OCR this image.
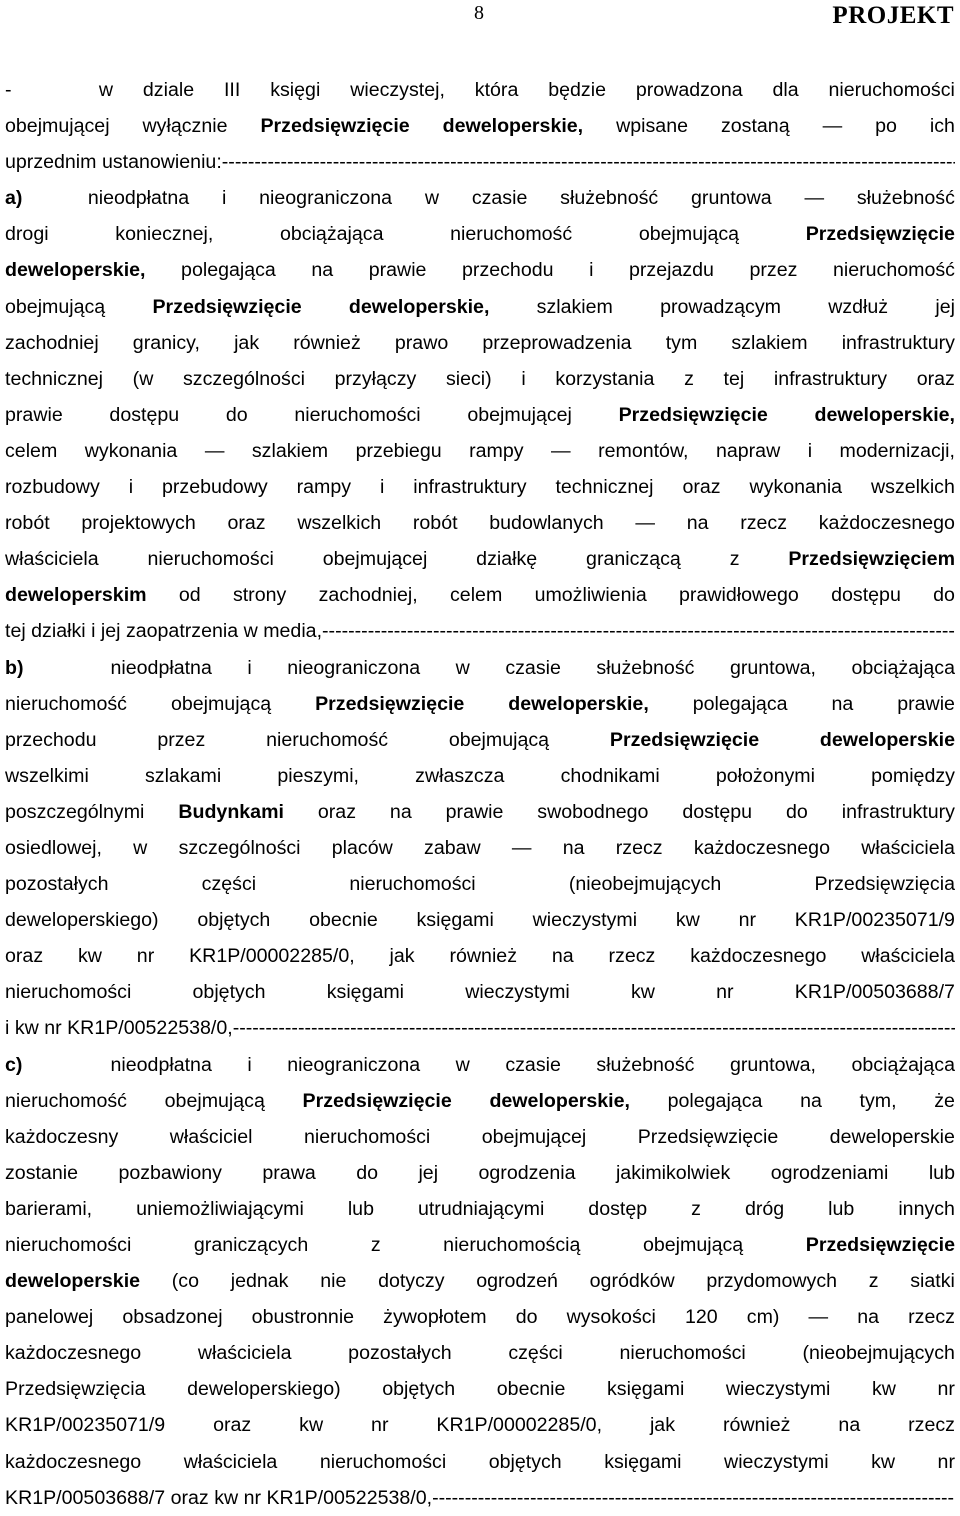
8	PROJEKT
-	w dziale III księgi wieczystej, która będzie prowadzona dla nieruchomości
obejmującej wyłącznie Przedsięwzięcie deweloperskie, wpisane zostaną — po ich
uprzednim ustanowieniu:
-----
a)	nieodpłatna i nieograniczona w czasie służebność gruntowa — służebność
drogi	koniecznej,	obciążająca	nieruchomość	obejmującą	Przedsięwzięcie
deweloperskie, polegająca na prawie przechodu i przejazdu przez nieruchomość
obejmującą Przedsięwzięcie deweloperskie, szlakiem prowadzącym wzdłuż jej
zachodniej granicy, jak również prawo przeprowadzenia tym szlakiem infrastruktury
technicznej (w szczególności przyłączy sieci) i korzystania z tej infrastruktury oraz
prawie dostępu do nieruchomości obejmującej Przedsięwzięcie deweloperskie,
celem wykonania — szlakiem przebiegu rampy — remontów, napraw i modernizacji,
rozbudowy i przebudowy rampy i infrastruktury technicznej oraz wykonania wszelkich
robót projektowych oraz wszelkich robót budowlanych — na rzecz każdoczesnego
właściciela nieruchomości obejmującej działkę graniczącą z Przedsięwzięciem
deweloperskim od strony zachodniej, celem umożliwienia prawidłowego dostępu do
tej działki i jej zaopatrzenia w media,
-----
b)	nieodpłatna i nieograniczona w czasie służebność gruntowa, obciążająca
nieruchomość obejmującą Przedsięwzięcie deweloperskie, polegająca na prawie
przechodu	przez	nieruchomość	obejmującą	Przedsięwzięcie	deweloperskie
wszelkimi	szlakami	pieszymi,	zwłaszcza	chodnikami	położonymi	pomiędzy
poszczególnymi Budynkami oraz na prawie swobodnego dostępu do infrastruktury
osiedlowej, w szczególności placów zabaw — na rzecz każdoczesnego właściciela
pozostałych	części	nieruchomości	(nieobejmujących	Przedsięwzięcia
deweloperskiego) objętych obecnie księgami wieczystymi kw nr KR1P/00235071/9
oraz kw nr KR1P/00002285/0, jak również na rzecz każdoczesnego właściciela
nieruchomości	objętych	księgami	wieczystymi	kw	nr	KR1P/00503688/7
i kw nr KR1P/00522538/0,
-----
c)	nieodpłatna i nieograniczona w czasie służebność gruntowa, obciążająca
nieruchomość obejmującą Przedsięwzięcie deweloperskie, polegająca na tym, że
każdoczesny	właściciel	nieruchomości	obejmującej	Przedsięwzięcie	deweloperskie
zostanie pozbawiony prawa do jej ogrodzenia jakimikolwiek ogrodzeniami lub
barierami, uniemożliwiającymi lub utrudniającymi dostęp z dróg lub innych
nieruchomości	graniczących	z	nieruchomością	obejmującą	Przedsięwzięcie
deweloperskie (co jednak nie dotyczy ogrodzeń ogródków przydomowych z siatki
panelowej obsadzonej obustronnie żywopłotem do wysokości 120 cm) — na rzecz
każdoczesnego	właściciela	pozostałych	części	nieruchomości	(nieobejmujących
Przedsięwzięcia deweloperskiego) objętych obecnie księgami wieczystymi kw nr
KR1P/00235071/9 oraz kw nr KR1P/00002285/0, jak również na rzecz
każdoczesnego właściciela nieruchomości objętych księgami wieczystymi kw nr
KR1P/00503688/7 oraz kw nr KR1P/00522538/0,
-----
